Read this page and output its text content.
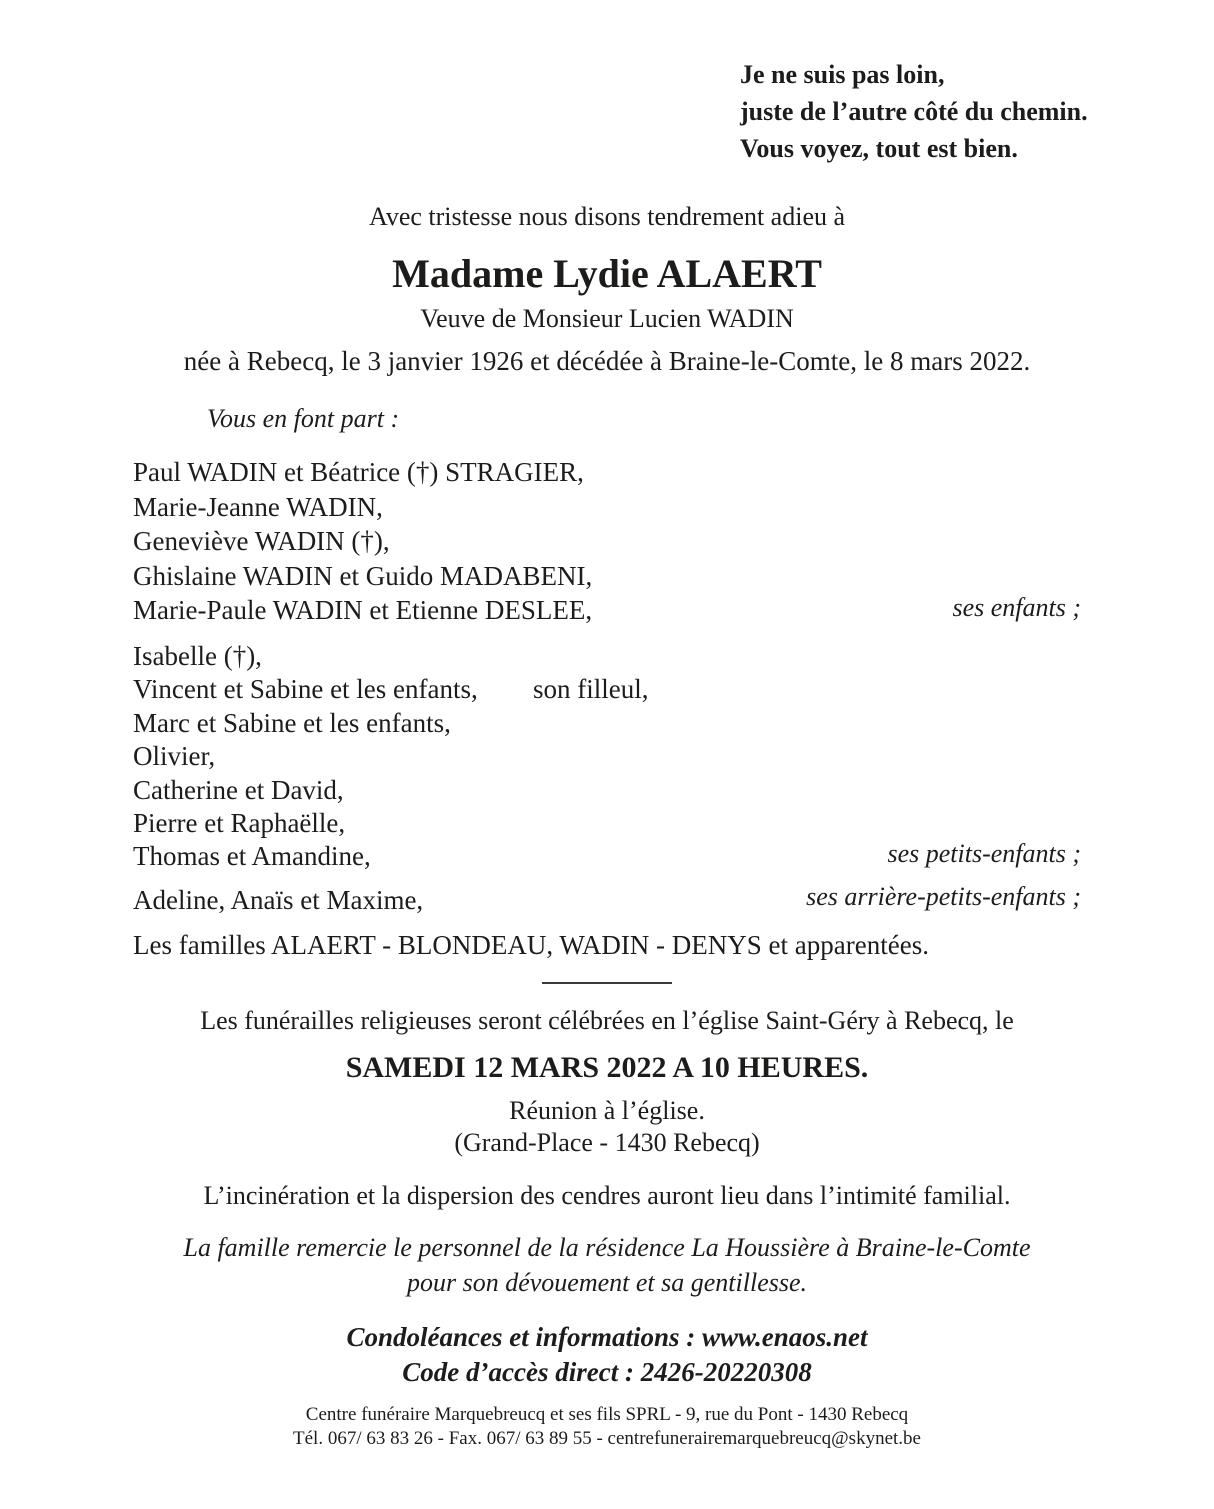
Je ne suis pas loin,
juste de l’autre côté du chemin.
Vous voyez, tout est bien.
Avec tristesse nous disons tendrement adieu à
Madame Lydie ALAERT
Veuve de Monsieur Lucien WADIN
née à Rebecq, le 3 janvier 1926 et décédée à Braine-le-Comte, le 8 mars 2022.
Vous en font part :
Paul WADIN et Béatrice (†) STRAGIER,
Marie-Jeanne WADIN,
Geneviève WADIN (†),
Ghislaine WADIN et Guido MADABENI,
Marie-Paule WADIN et Etienne DESLEE,	ses enfants ;
Isabelle (†),
Vincent et Sabine et les enfants, son filleul,
Marc et Sabine et les enfants,
Olivier,
Catherine et David,
Pierre et Raphaëlle,
Thomas et Amandine,	ses petits-enfants ;
Adeline, Anaïs et Maxime,	ses arrière-petits-enfants ;
Les familles ALAERT - BLONDEAU, WADIN - DENYS et apparentées.
Les funérailles religieuses seront célébrées en l’église Saint-Géry à Rebecq, le
SAMEDI 12 MARS 2022 A 10 HEURES.
Réunion à l’église.
(Grand-Place - 1430 Rebecq)
L’incinération et la dispersion des cendres auront lieu dans l’intimité familial.
La famille remercie le personnel de la résidence La Houssière à Braine-le-Comte
pour son dévouement et sa gentillesse.
Condoléances et informations : www.enaos.net
Code d’accès direct : 2426-20220308
Centre funéraire Marquebreucq et ses fils SPRL - 9, rue du Pont - 1430 Rebecq
Tél. 067/ 63 83 26 - Fax. 067/ 63 89 55 - centrefunerairemarquebreucq@skynet.be
